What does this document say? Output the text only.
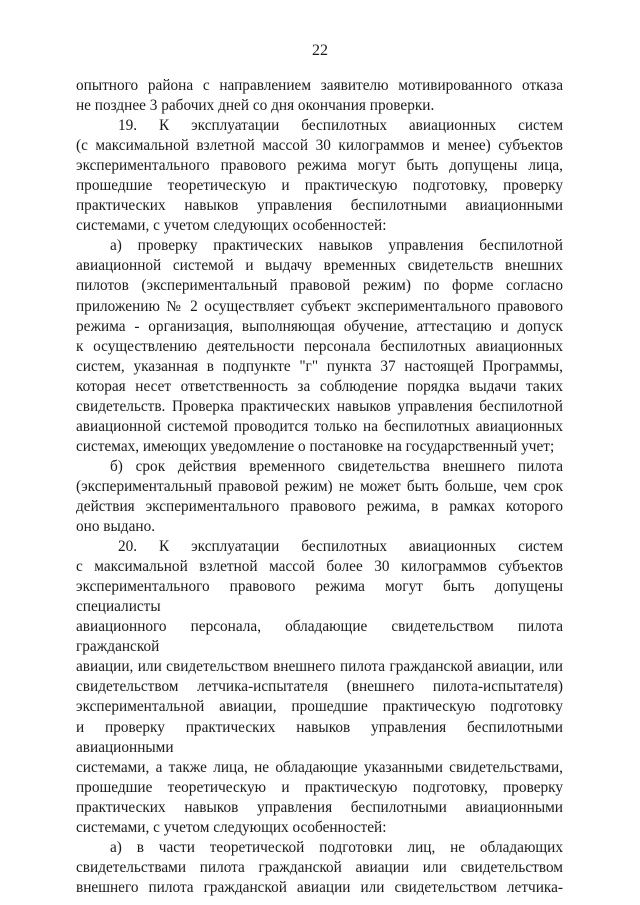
22

опытного района с направлением заявителю мотивированного отказа

не позднее 3 рабочих дней со дня окончания проверки.

19. К эксплуатации беспилотных авиационных систем

(с максимальной взлетной массой 30 килограммов и менее) субъектов

экспериментального правового режима могут быть допущены лица,

прошедшие теоретическую и практическую подготовку, проверку

практических навыков управления беспилотными авиационными

системами, с учетом следующих особенностей:

а) проверку практических навыков управления беспилотной

авиационной системой и выдачу временных свидетельств внешних

пилотов (экспериментальный правовой режим) по форме согласно

приложению № 2 осуществляет субъект экспериментального правового

режима - организация, выполняющая обучение, аттестацию и допуск

к осуществлению деятельности персонала беспилотных авиационных

систем, указанная в подпункте "г" пункта 37 настоящей Программы,

которая несет ответственность за соблюдение порядка выдачи таких

свидетельств. Проверка практических навыков управления беспилотной

авиационной системой проводится только на беспилотных авиационных

системах, имеющих уведомление о постановке на государственный учет;

б) срок действия временного свидетельства внешнего пилота

(экспериментальный правовой режим) не может быть больше, чем срок

действия экспериментального правового режима, в рамках которого

оно выдано.

20. К эксплуатации беспилотных авиационных систем

с максимальной взлетной массой более 30 килограммов субъектов

экспериментального правового режима могут быть допущены специалисты

авиационного персонала, обладающие свидетельством пилота гражданской

авиации, или свидетельством внешнего пилота гражданской авиации, или

свидетельством летчика-испытателя (внешнего пилота-испытателя)

экспериментальной авиации, прошедшие практическую подготовку

и проверку практических навыков управления беспилотными авиационными

системами, а также лица, не обладающие указанными свидетельствами,

прошедшие теоретическую и практическую подготовку, проверку

практических навыков управления беспилотными авиационными

системами, с учетом следующих особенностей:

а) в части теоретической подготовки лиц, не обладающих

свидетельствами пилота гражданской авиации или свидетельством

внешнего пилота гражданской авиации или свидетельством летчика-
